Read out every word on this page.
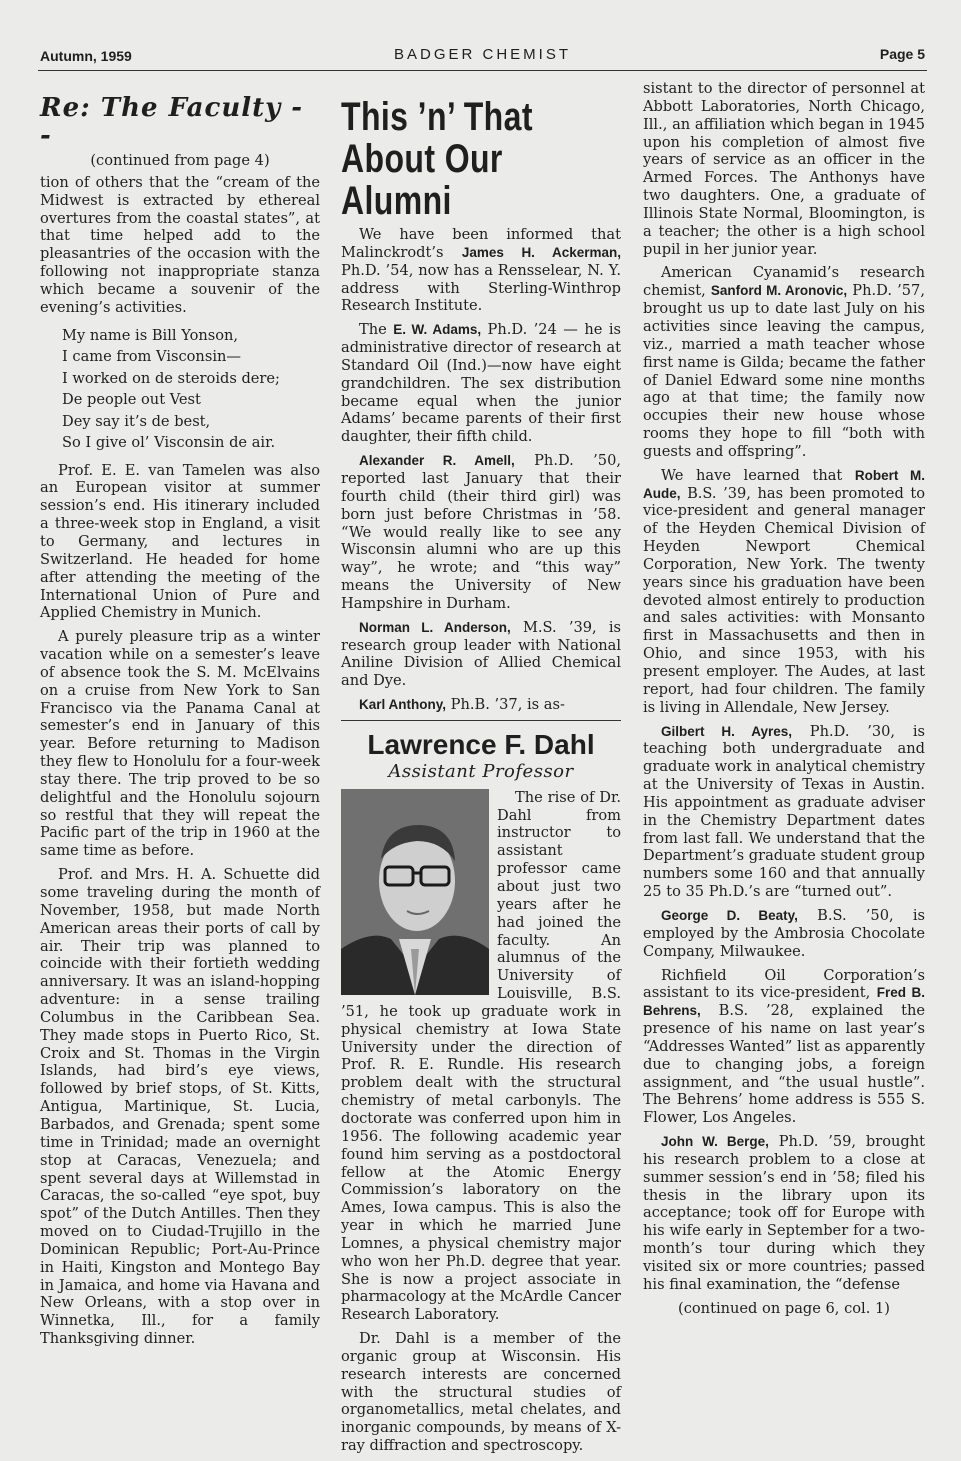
Autumn, 1959	BADGER CHEMIST	Page 5
Re: The Faculty - -
(continued from page 4)

tion of others that the “cream of the Midwest is extracted by ethereal overtures from the coastal states”, at that time helped add to the pleasantries of the occasion with the following not inappropriate stanza which became a souvenir of the evening’s activities.

My name is Bill Yonson,
I came from Visconsin—
I worked on de steroids dere;
De people out Vest
Dey say it’s de best,
So I give ol’ Visconsin de air.

Prof. E. E. van Tamelen was also an European visitor at summer session’s end. His itinerary included a three-week stop in England, a visit to Germany, and lectures in Switzerland. He headed for home after attending the meeting of the International Union of Pure and Applied Chemistry in Munich.

A purely pleasure trip as a winter vacation while on a semester’s leave of absence took the S. M. McElvains on a cruise from New York to San Francisco via the Panama Canal at semester’s end in January of this year. Before returning to Madison they flew to Honolulu for a four-week stay there. The trip proved to be so delightful and the Honolulu sojourn so restful that they will repeat the Pacific part of the trip in 1960 at the same time as before.

Prof. and Mrs. H. A. Schuette did some traveling during the month of November, 1958, but made North American areas their ports of call by air. Their trip was planned to coincide with their fortieth wedding anniversary. It was an island-hopping adventure: in a sense trailing Columbus in the Caribbean Sea. They made stops in Puerto Rico, St. Croix and St. Thomas in the Virgin Islands, had bird’s eye views, followed by brief stops, of St. Kitts, Antigua, Martinique, St. Lucia, Barbados, and Grenada; spent some time in Trinidad; made an overnight stop at Caracas, Venezuela; and spent several days at Willemstad in Caracas, the so-called “eye spot, buy spot” of the Dutch Antilles. Then they moved on to Ciudad-Trujillo in the Dominican Republic; Port-Au-Prince in Haiti, Kingston and Montego Bay in Jamaica, and home via Havana and New Orleans, with a stop over in Winnetka, Ill., for a family Thanksgiving dinner.

This ’n’ That
About Our Alumni

We have been informed that Malinckrodt’s James H. Ackerman, Ph.D. ’54, now has a Rensselear, N. Y. address with Sterling-Winthrop Research Institute.

The E. W. Adams, Ph.D. ’24 — he is administrative director of research at Standard Oil (Ind.)—now have eight grandchildren. The sex distribution became equal when the junior Adams’ became parents of their first daughter, their fifth child.

Alexander R. Amell, Ph.D. ’50, reported last January that their fourth child (their third girl) was born just before Christmas in ’58. “We would really like to see any Wisconsin alumni who are up this way”, he wrote; and “this way” means the University of New Hampshire in Durham.

Norman L. Anderson, M.S. ’39, is research group leader with National Aniline Division of Allied Chemical and Dye.

Karl Anthony, Ph.B. ’37, is as-

Lawrence F. Dahl
Assistant Professor

The rise of Dr. Dahl from instructor to assistant professor came about just two years after he had joined the faculty. An alumnus of the University of Louisville, B.S. ’51, he took up graduate work in physical chemistry at Iowa State University under the direction of Prof. R. E. Rundle. His research problem dealt with the structural chemistry of metal carbonyls. The doctorate was conferred upon him in 1956. The following academic year found him serving as a postdoctoral fellow at the Atomic Energy Commission’s laboratory on the Ames, Iowa campus. This is also the year in which he married June Lomnes, a physical chemistry major who won her Ph.D. degree that year. She is now a project associate in pharmacology at the McArdle Cancer Research Laboratory.

Dr. Dahl is a member of the organic group at Wisconsin. His research interests are concerned with the structural studies of organometallics, metal chelates, and inorganic compounds, by means of X-ray diffraction and spectroscopy.

sistant to the director of personnel at Abbott Laboratories, North Chicago, Ill., an affiliation which began in 1945 upon his completion of almost five years of service as an officer in the Armed Forces. The Anthonys have two daughters. One, a graduate of Illinois State Normal, Bloomington, is a teacher; the other is a high school pupil in her junior year.

American Cyanamid’s research chemist, Sanford M. Aronovic, Ph.D. ’57, brought us up to date last July on his activities since leaving the campus, viz., married a math teacher whose first name is Gilda; became the father of Daniel Edward some nine months ago at that time; the family now occupies their new house whose rooms they hope to fill “both with guests and offspring”.

We have learned that Robert M. Aude, B.S. ’39, has been promoted to vice-president and general manager of the Heyden Chemical Division of Heyden Newport Chemical Corporation, New York. The twenty years since his graduation have been devoted almost entirely to production and sales activities: with Monsanto first in Massachusetts and then in Ohio, and since 1953, with his present employer. The Audes, at last report, had four children. The family is living in Allendale, New Jersey.

Gilbert H. Ayres, Ph.D. ’30, is teaching both undergraduate and graduate work in analytical chemistry at the University of Texas in Austin. His appointment as graduate adviser in the Chemistry Department dates from last fall. We understand that the Department’s graduate student group numbers some 160 and that annually 25 to 35 Ph.D.’s are “turned out”.

George D. Beaty, B.S. ’50, is employed by the Ambrosia Chocolate Company, Milwaukee.

Richfield Oil Corporation’s assistant to its vice-president, Fred B. Behrens, B.S. ’28, explained the presence of his name on last year’s “Addresses Wanted” list as apparently due to changing jobs, a foreign assignment, and “the usual hustle”. The Behrens’ home address is 555 S. Flower, Los Angeles.

John W. Berge, Ph.D. ’59, brought his research problem to a close at summer session’s end in ’58; filed his thesis in the library upon its acceptance; took off for Europe with his wife early in September for a two-month’s tour during which they visited six or more countries; passed his final examination, the “defense

(continued on page 6, col. 1)
